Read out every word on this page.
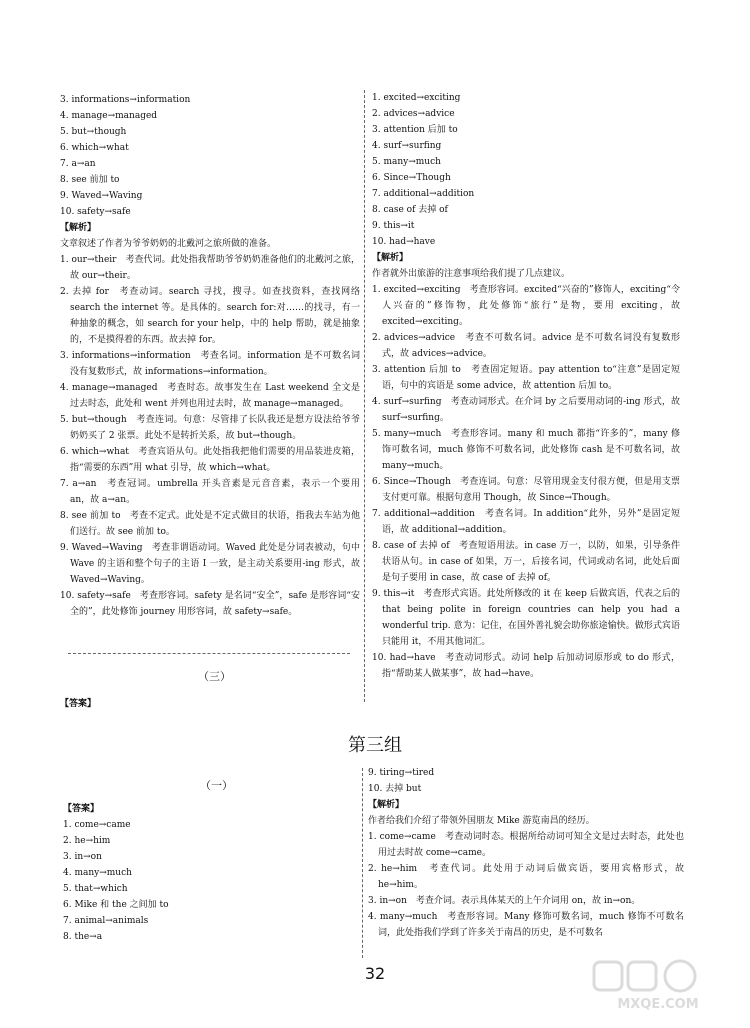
3. informations→information
4. manage→managed
5. but→though
6. which→what
7. a→an
8. see 前加 to
9. Waved→Waving
10. safety→safe
【解析】
文章叙述了作者为爷爷奶奶的北戴河之旅所做的准备。
1. our→their　考查代词。此处指我帮助爷爷奶奶准备他们的北戴河之旅，故 our→their。
2. 去掉 for　考查动词。search 寻找，搜寻。如查找资料，查找网络 search the internet 等。是具体的。search for:对……的找寻，有一种抽象的概念，如 search for your help，中的 help 帮助，就是抽象的，不是摸得着的东西。故去掉 for。
3. informations→information　考查名词。information 是不可数名词没有复数形式，故 informations→information。
4. manage→managed　考查时态。故事发生在 Last weekend 全文是过去时态，此处和 went 并列也用过去时，故 manage→managed。
5. but→though　考查连词。句意：尽管排了长队我还是想方设法给爷爷奶奶买了 2 张票。此处不是转折关系，故 but→though。
6. which→what　考查宾语从句。此处指我把他们需要的用品装进皮箱，指“需要的东西”用 what 引导，故 which→what。
7. a→an　考查冠词。umbrella 开头音素是元音音素，表示一个要用 an，故 a→an。
8. see 前加 to　考查不定式。此处是不定式做目的状语，指我去车站为他们送行。故 see 前加 to。
9. Waved→Waving　考查非谓语动词。Waved 此处是分词表被动，句中 Wave 的主语和整个句子的主语 I 一致，是主动关系要用-ing 形式，故 Waved→Waving。
10. safety→safe　考查形容词。safety 是名词“安全”，safe 是形容词“安全的”，此处修饰 journey 用形容词，故 safety→safe。
（三）
【答案】
1. excited→exciting
2. advices→advice
3. attention 后加 to
4. surf→surfing
5. many→much
6. Since→Though
7. additional→addition
8. case of 去掉 of
9. this→it
10. had→have
【解析】
作者就外出旅游的注意事项给我们提了几点建议。
1. excited→exciting　考查形容词。excited“兴奋的”修饰人，exciting“令人兴奋的”修饰物，此处修饰“旅行”是物，要用 exciting，故 excited→exciting。
2. advices→advice　考查不可数名词。advice 是不可数名词没有复数形式，故 advices→advice。
3. attention 后加 to　考查固定短语。pay attention to“注意”是固定短语，句中的宾语是 some advice，故 attention 后加 to。
4. surf→surfing　考查动词形式。在介词 by 之后要用动词的-ing 形式，故 surf→surfing。
5. many→much　考查形容词。many 和 much 都指“许多的”，many 修饰可数名词，much 修饰不可数名词，此处修饰 cash 是不可数名词，故 many→much。
6. Since→Though　考查连词。句意：尽管用现金支付很方便，但是用支票支付更可靠。根据句意用 Though，故 Since→Though。
7. additional→addition　考查名词。In addition“此外，另外”是固定短语，故 additional→addition。
8. case of 去掉 of　考查短语用法。in case 万一，以防，如果，引导条件状语从句。in case of 如果，万一，后接名词，代词或动名词，此处后面是句子要用 in case，故 case of 去掉 of。
9. this→it　考查形式宾语。此处所修改的 it 在 keep 后做宾语，代表之后的 that being polite in foreign countries can help you had a wonderful trip. 意为：记住，在国外善礼貌会助你旅途愉快。做形式宾语只能用 it，不用其他词汇。
10. had→have　考查动词形式。动词 help 后加动词原形或 to do 形式，指“帮助某人做某事”，故 had→have。
第三组
（一）
【答案】
1. come→came
2. he→him
3. in→on
4. many→much
5. that→which
6. Mike 和 the 之间加 to
7. animal→animals
8. the→a
9. tiring→tired
10. 去掉 but
【解析】
作者给我们介绍了带领外国朋友 Mike 游览南昌的经历。
1. come→came　考查动词时态。根据所给动词可知全文是过去时态，此处也用过去时故 come→came。
2. he→him　考查代词。此处用于动词后做宾语，要用宾格形式，故 he→him。
3. in→on　考查介词。表示具体某天的上午介词用 on，故 in→on。
4. many→much　考查形容词。Many 修饰可数名词，much 修饰不可数名词，此处指我们学到了许多关于南昌的历史，是不可数名
32
MXQE.COM
